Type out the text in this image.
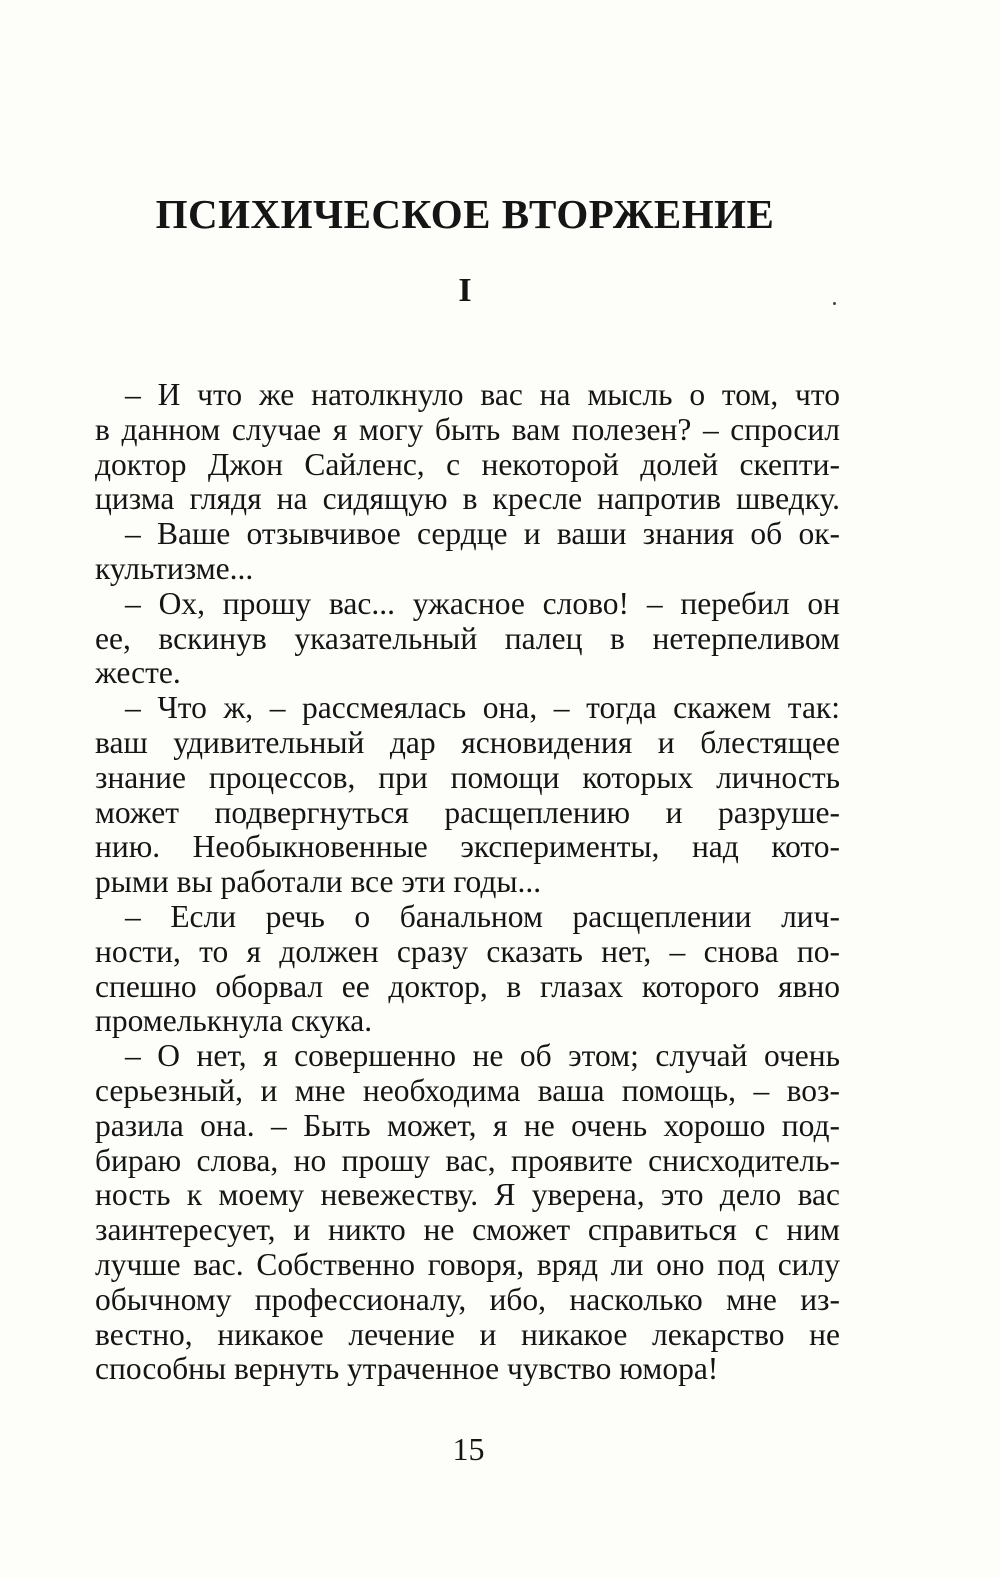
ПСИХИЧЕСКОЕ ВТОРЖЕНИЕ
I
– И что же натолкнуло вас на мысль о том, что
в данном случае я могу быть вам полезен? – спросил
доктор Джон Сайленс, с некоторой долей скепти-
цизма глядя на сидящую в кресле напротив шведку.
– Ваше отзывчивое сердце и ваши знания об ок-
культизме...
– Ох, прошу вас... ужасное слово! – перебил он
ее, вскинув указательный палец в нетерпеливом
жесте.
– Что ж, – рассмеялась она, – тогда скажем так:
ваш удивительный дар ясновидения и блестящее
знание процессов, при помощи которых личность
может подвергнуться расщеплению и разруше-
нию. Необыкновенные эксперименты, над кото-
рыми вы работали все эти годы...
– Если речь о банальном расщеплении лич-
ности, то я должен сразу сказать нет, – снова по-
спешно оборвал ее доктор, в глазах которого явно
промелькнула скука.
– О нет, я совершенно не об этом; случай очень
серьезный, и мне необходима ваша помощь, – воз-
разила она. – Быть может, я не очень хорошо под-
бираю слова, но прошу вас, проявите снисходитель-
ность к моему невежеству. Я уверена, это дело вас
заинтересует, и никто не сможет справиться с ним
лучше вас. Собственно говоря, вряд ли оно под силу
обычному профессионалу, ибо, насколько мне из-
вестно, никакое лечение и никакое лекарство не
способны вернуть утраченное чувство юмора!
15
